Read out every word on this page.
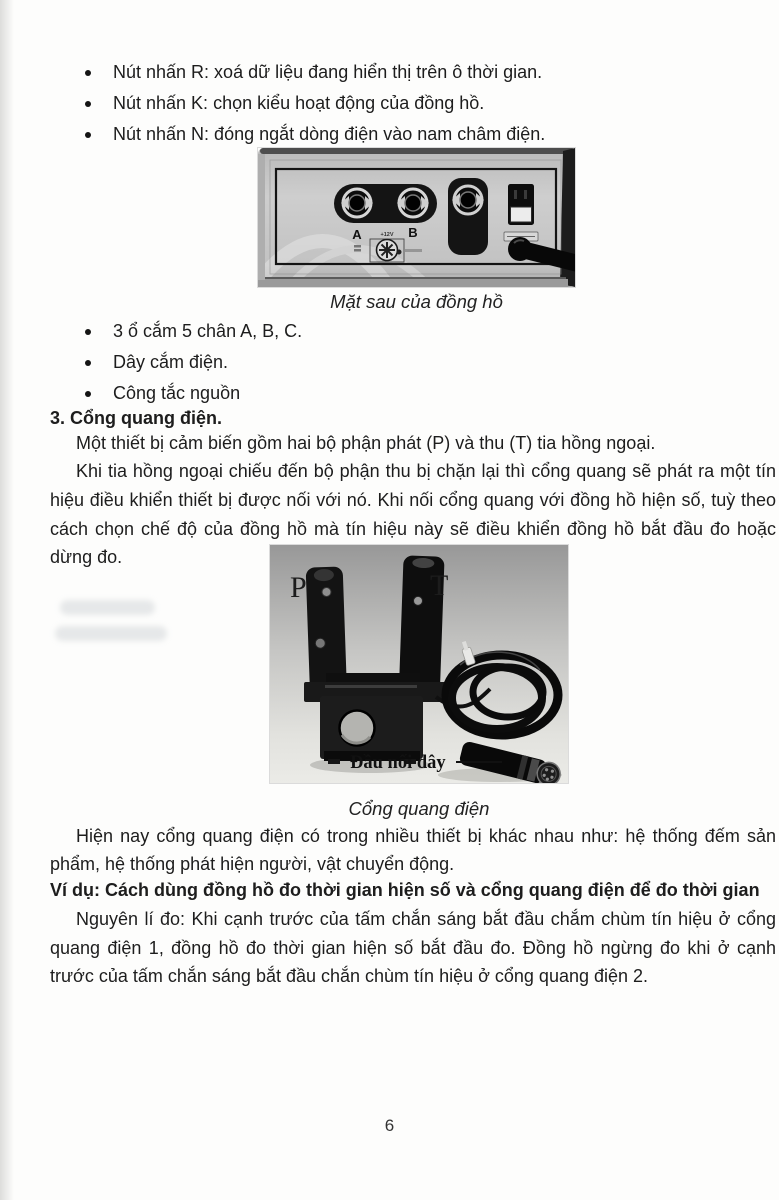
Nút nhấn R: xoá dữ liệu đang hiển thị trên ô thời gian.
Nút nhấn K: chọn kiểu hoạt động của đồng hồ.
Nút nhấn N: đóng ngắt dòng điện vào nam châm điện.
A	B
+12V
Mặt sau của đồng hồ
3 ổ cắm 5 chân A, B, C.
Dây cắm điện.
Công tắc nguồn
3. Cổng quang điện.
Một thiết bị cảm biến gồm hai bộ phận phát (P) và thu (T) tia hồng ngoại.
Khi tia hồng ngoại chiếu đến bộ phận thu bị chặn lại thì cổng quang sẽ phát ra một tín hiệu điều khiển thiết bị được nối với nó. Khi nối cổng quang với đồng hồ hiện số, tuỳ theo cách chọn chế độ của đồng hồ mà tín hiệu này sẽ điều khiển đồng hồ bắt đầu đo hoặc dừng đo.
P	T
Đầu nối dây
Cổng quang điện
Hiện nay cổng quang điện có trong nhiều thiết bị khác nhau như: hệ thống đếm sản phẩm, hệ thống phát hiện người, vật chuyển động.
Ví dụ: Cách dùng đồng hồ đo thời gian hiện số và cổng quang điện để đo thời gian
Nguyên lí đo: Khi cạnh trước của tấm chắn sáng bắt đầu chắm chùm tín hiệu ở cổng quang điện 1, đồng hồ đo thời gian hiện số bắt đầu đo. Đồng hồ ngừng đo khi ở cạnh trước của tấm chắn sáng bắt đầu chắn chùm tín hiệu ở cổng quang điện 2.
6
